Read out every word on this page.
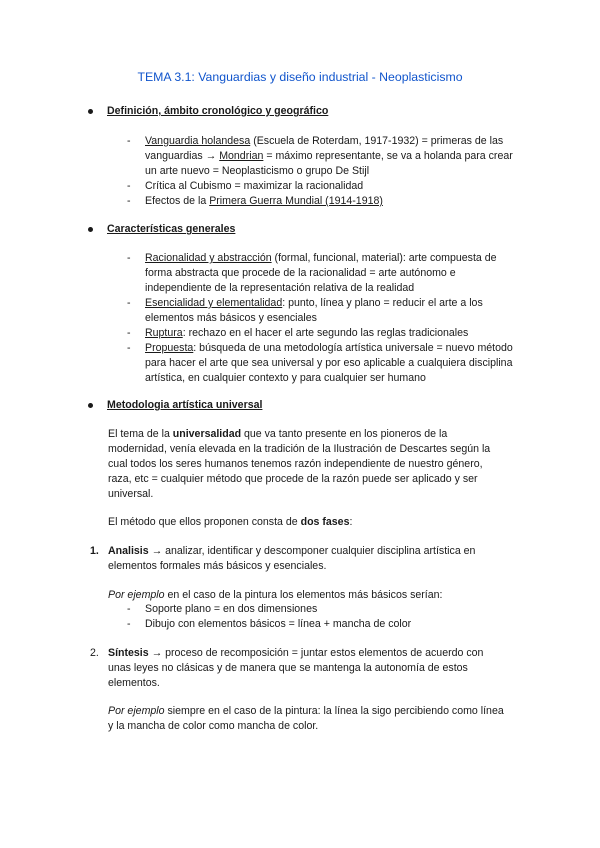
TEMA 3.1: Vanguardias y diseño industrial - Neoplasticismo
Definición, ámbito cronológico y geográfico
- Vanguardia holandesa (Escuela de Roterdam, 1917-1932) = primeras de las vanguardias → Mondrian = máximo representante, se va a holanda para crear un arte nuevo = Neoplasticismo o grupo De Stijl
- Crítica al Cubismo = maximizar la racionalidad
- Efectos de la Primera Guerra Mundial (1914-1918)
Características generales
- Racionalidad y abstracción (formal, funcional, material): arte compuesta de forma abstracta que procede de la racionalidad = arte autónomo e independiente de la representación relativa de la realidad
- Esencialidad y elementalidad: punto, línea y plano = reducir el arte a los elementos más básicos y esenciales
- Ruptura: rechazo en el hacer el arte segundo las reglas tradicionales
- Propuesta: búsqueda de una metodología artística universale = nuevo método para hacer el arte que sea universal y por eso aplicable a cualquiera disciplina artística, en cualquier contexto y para cualquier ser humano
Metodologia artística universal
El tema de la universalidad que va tanto presente en los pioneros de la modernidad, venía elevada en la tradición de la Ilustración de Descartes según la cual todos los seres humanos tenemos razón independiente de nuestro género, raza, etc = cualquier método que procede de la razón puede ser aplicado y ser universal.
El método que ellos proponen consta de dos fases:
1. Analisis → analizar, identificar y descomponer cualquier disciplina artística en elementos formales más básicos y esenciales.
Por ejemplo en el caso de la pintura los elementos más básicos serían:
- Soporte plano = en dos dimensiones
- Dibujo con elementos básicos = línea + mancha de color
2. Síntesis → proceso de recomposición = juntar estos elementos de acuerdo con unas leyes no clásicas y de manera que se mantenga la autonomía de estos elementos.
Por ejemplo siempre en el caso de la pintura: la línea la sigo percibiendo como línea y la mancha de color como mancha de color.
